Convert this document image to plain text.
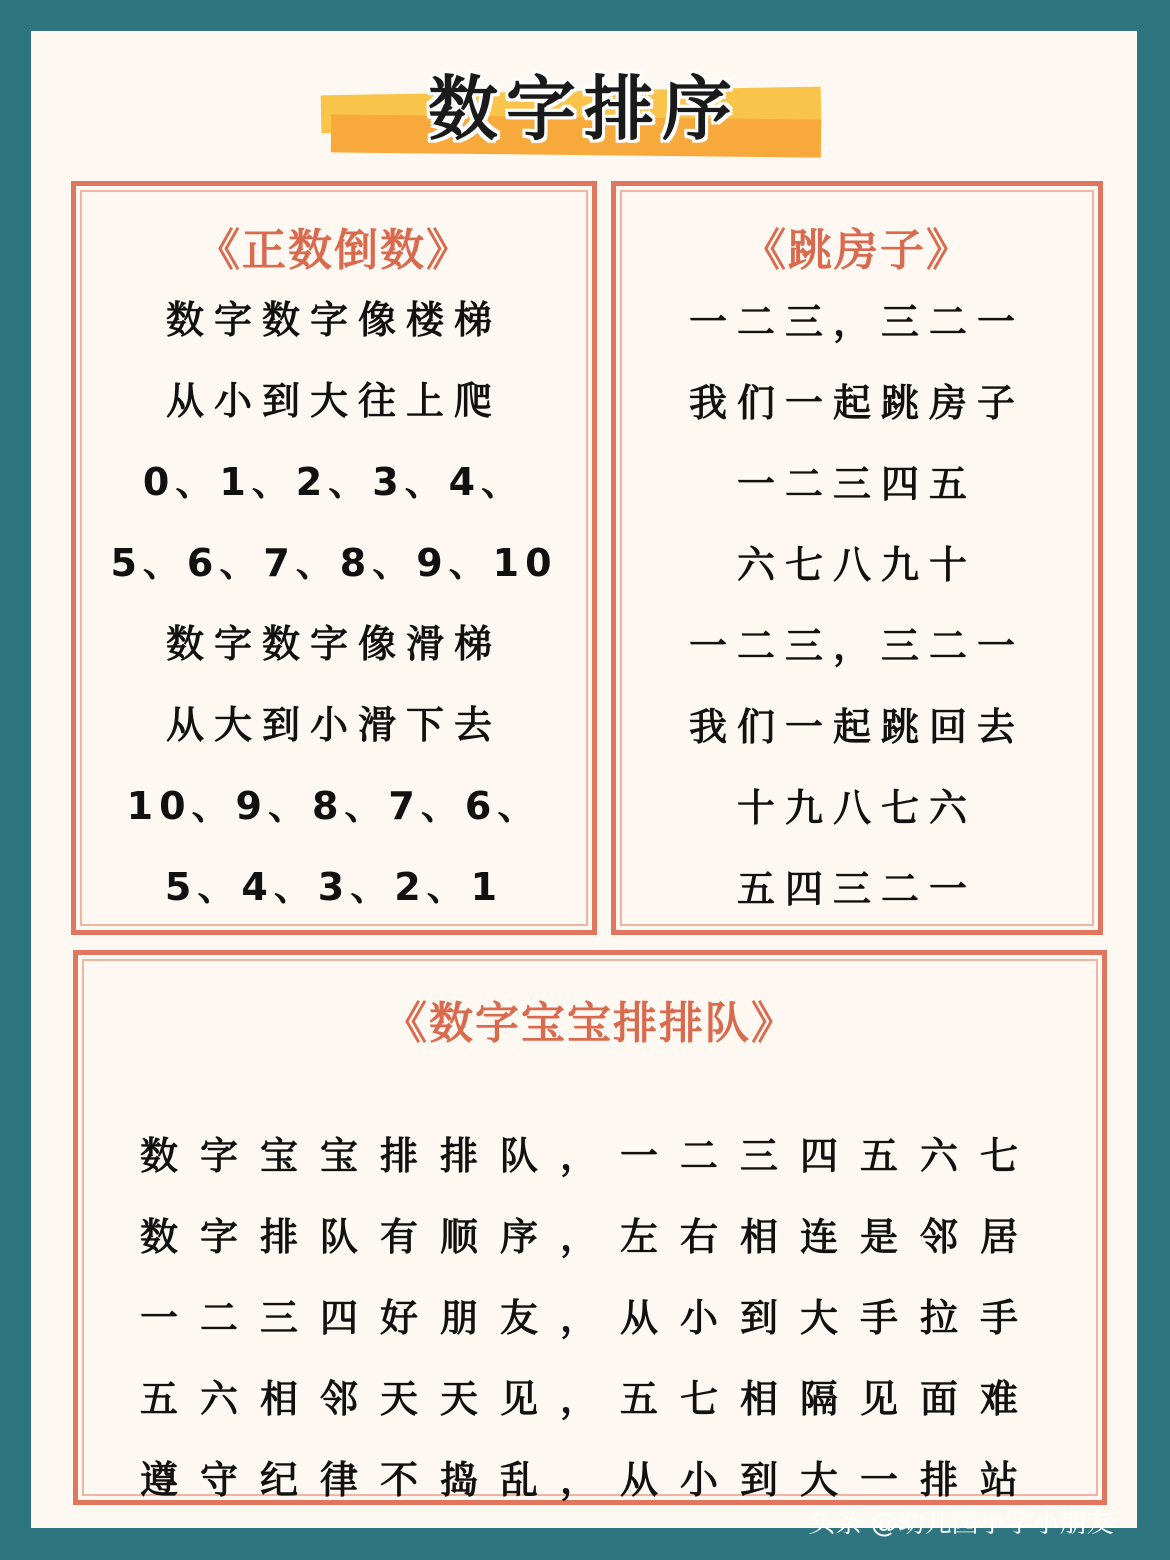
数字排序
《正数倒数》
数字数字像楼梯
从小到大往上爬
0、1、2、3、4、
5、6、7、8、9、10
数字数字像滑梯
从大到小滑下去
10、9、8、7、6、
5、4、3、2、1
《跳房子》
一二三，三二一
我们一起跳房子
一二三四五
六七八九十
一二三，三二一
我们一起跳回去
十九八七六
五四三二一
《数字宝宝排排队》
数字宝宝排排队，一二三四五六七
数字排队有顺序，左右相连是邻居
一二三四好朋友，从小到大手拉手
五六相邻天天见，五七相隔见面难
遵守纪律不捣乱，从小到大一排站
头条 @幼儿园小学小朋友
